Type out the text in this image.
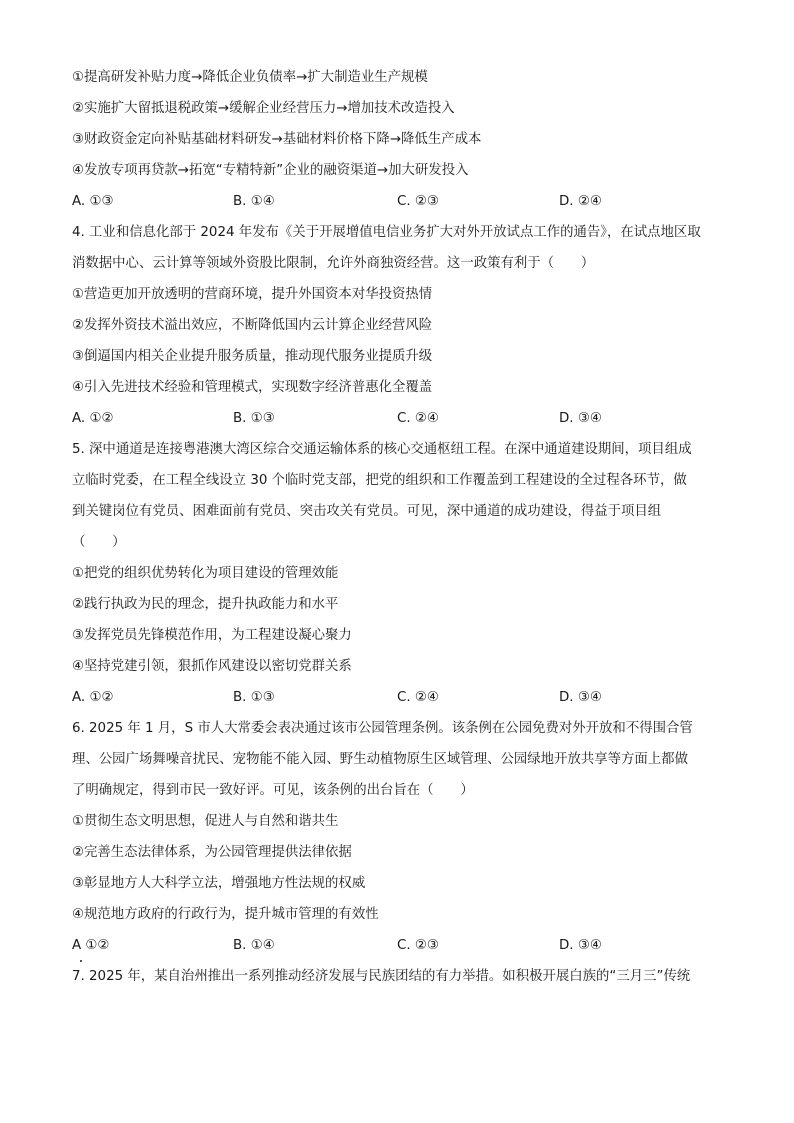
①提高研发补贴力度→降低企业负债率→扩大制造业生产规模
②实施扩大留抵退税政策→缓解企业经营压力→增加技术改造投入
③财政资金定向补贴基础材料研发→基础材料价格下降→降低生产成本
④发放专项再贷款→拓宽“专精特新”企业的融资渠道→加大研发投入
A. ①③	B. ①④	C. ②③	D. ②④
4. 工业和信息化部于 2024 年发布《关于开展增值电信业务扩大对外开放试点工作的通告》，在试点地区取
消数据中心、云计算等领域外资股比限制，允许外商独资经营。这一政策有利于（　　）
①营造更加开放透明的营商环境，提升外国资本对华投资热情
②发挥外资技术溢出效应，不断降低国内云计算企业经营风险
③倒逼国内相关企业提升服务质量，推动现代服务业提质升级
④引入先进技术经验和管理模式，实现数字经济普惠化全覆盖
A. ①②	B. ①③	C. ②④	D. ③④
5. 深中通道是连接粤港澳大湾区综合交通运输体系的核心交通枢纽工程。在深中通道建设期间，项目组成
立临时党委，在工程全线设立 30 个临时党支部，把党的组织和工作覆盖到工程建设的全过程各环节，做
到关键岗位有党员、困难面前有党员、突击攻关有党员。可见，深中通道的成功建设，得益于项目组
（　　）
①把党的组织优势转化为项目建设的管理效能
②践行执政为民的理念，提升执政能力和水平
③发挥党员先锋模范作用，为工程建设凝心聚力
④坚持党建引领，狠抓作风建设以密切党群关系
A. ①②	B. ①③	C. ②④	D. ③④
6. 2025 年 1 月，S 市人大常委会表决通过该市公园管理条例。该条例在公园免费对外开放和不得围合管
理、公园广场舞噪音扰民、宠物能不能入园、野生动植物原生区域管理、公园绿地开放共享等方面上都做
了明确规定，得到市民一致好评。可见，该条例的出台旨在（　　）
①贯彻生态文明思想，促进人与自然和谐共生
②完善生态法律体系，为公园管理提供法律依据
③彰显地方人大科学立法，增强地方性法规的权威
④规范地方政府的行政行为，提升城市管理的有效性
A ①②	B. ①④	C. ②③	D. ③④
7. 2025 年，某自治州推出一系列推动经济发展与民族团结的有力举措。如积极开展白族的“三月三”传统
